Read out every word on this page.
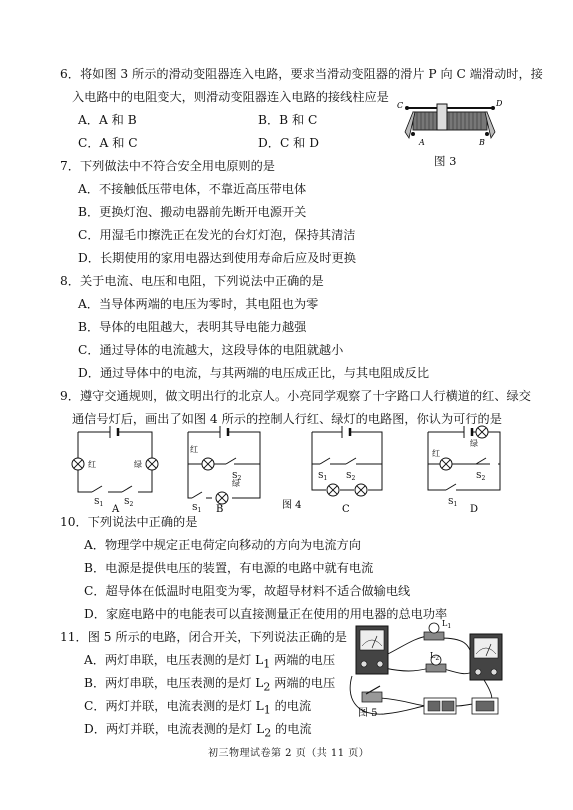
6．将如图 3 所示的滑动变阻器连入电路，要求当滑动变阻器的滑片 P 向 C 端滑动时，接
入电路中的电阻变大，则滑动变阻器连入电路的接线柱应是
A．A 和 B	B．B 和 C
C．A 和 C	D．C 和 D
C	D
A	B
图 3
7．下列做法中不符合安全用电原则的是
A．不接触低压带电体，不靠近高压带电体
B．更换灯泡、搬动电器前先断开电源开关
C．用湿毛巾擦洗正在发光的台灯灯泡，保持其清洁
D．长期使用的家用电器达到使用寿命后应及时更换
8．关于电流、电压和电阻，下列说法中正确的是
A．当导体两端的电压为零时，其电阻也为零
B．导体的电阻越大，表明其导电能力越强
C．通过导体的电流越大，这段导体的电阻就越小
D．通过导体中的电流，与其两端的电压成正比，与其电阻成反比
9．遵守交通规则，做文明出行的北京人。小亮同学观察了十字路口人行横道的红、绿交
通信号灯后，画出了如图 4 所示的控制人行红、绿灯的电路图，你认为可行的是
红	绿
$S_1$	$S_2$
红
绿
$S_2$
$S_1$
$S_1$ $S_2$
红
绿
$S_2$
$S_1$
A	B	C	D
图 4
10．下列说法中正确的是
A．物理学中规定正电荷定向移动的方向为电流方向
B．电源是提供电压的装置，有电源的电路中就有电流
C．超导体在低温时电阻变为零，故超导材料不适合做输电线
D．家庭电路中的电能表可以直接测量正在使用的用电器的总电功率
11．图 5 所示的电路，闭合开关，下列说法正确的是
A．两灯串联，电压表测的是灯 $L_1$ 两端的电压
B．两灯串联，电压表测的是灯 $L_2$ 两端的电压
C．两灯并联，电流表测的是灯 $L_1$ 的电流
D．两灯并联，电流表测的是灯 $L_2$ 的电流
$L_1$
$L_2$
图 5
初三物理试卷第 2 页（共 11 页）
